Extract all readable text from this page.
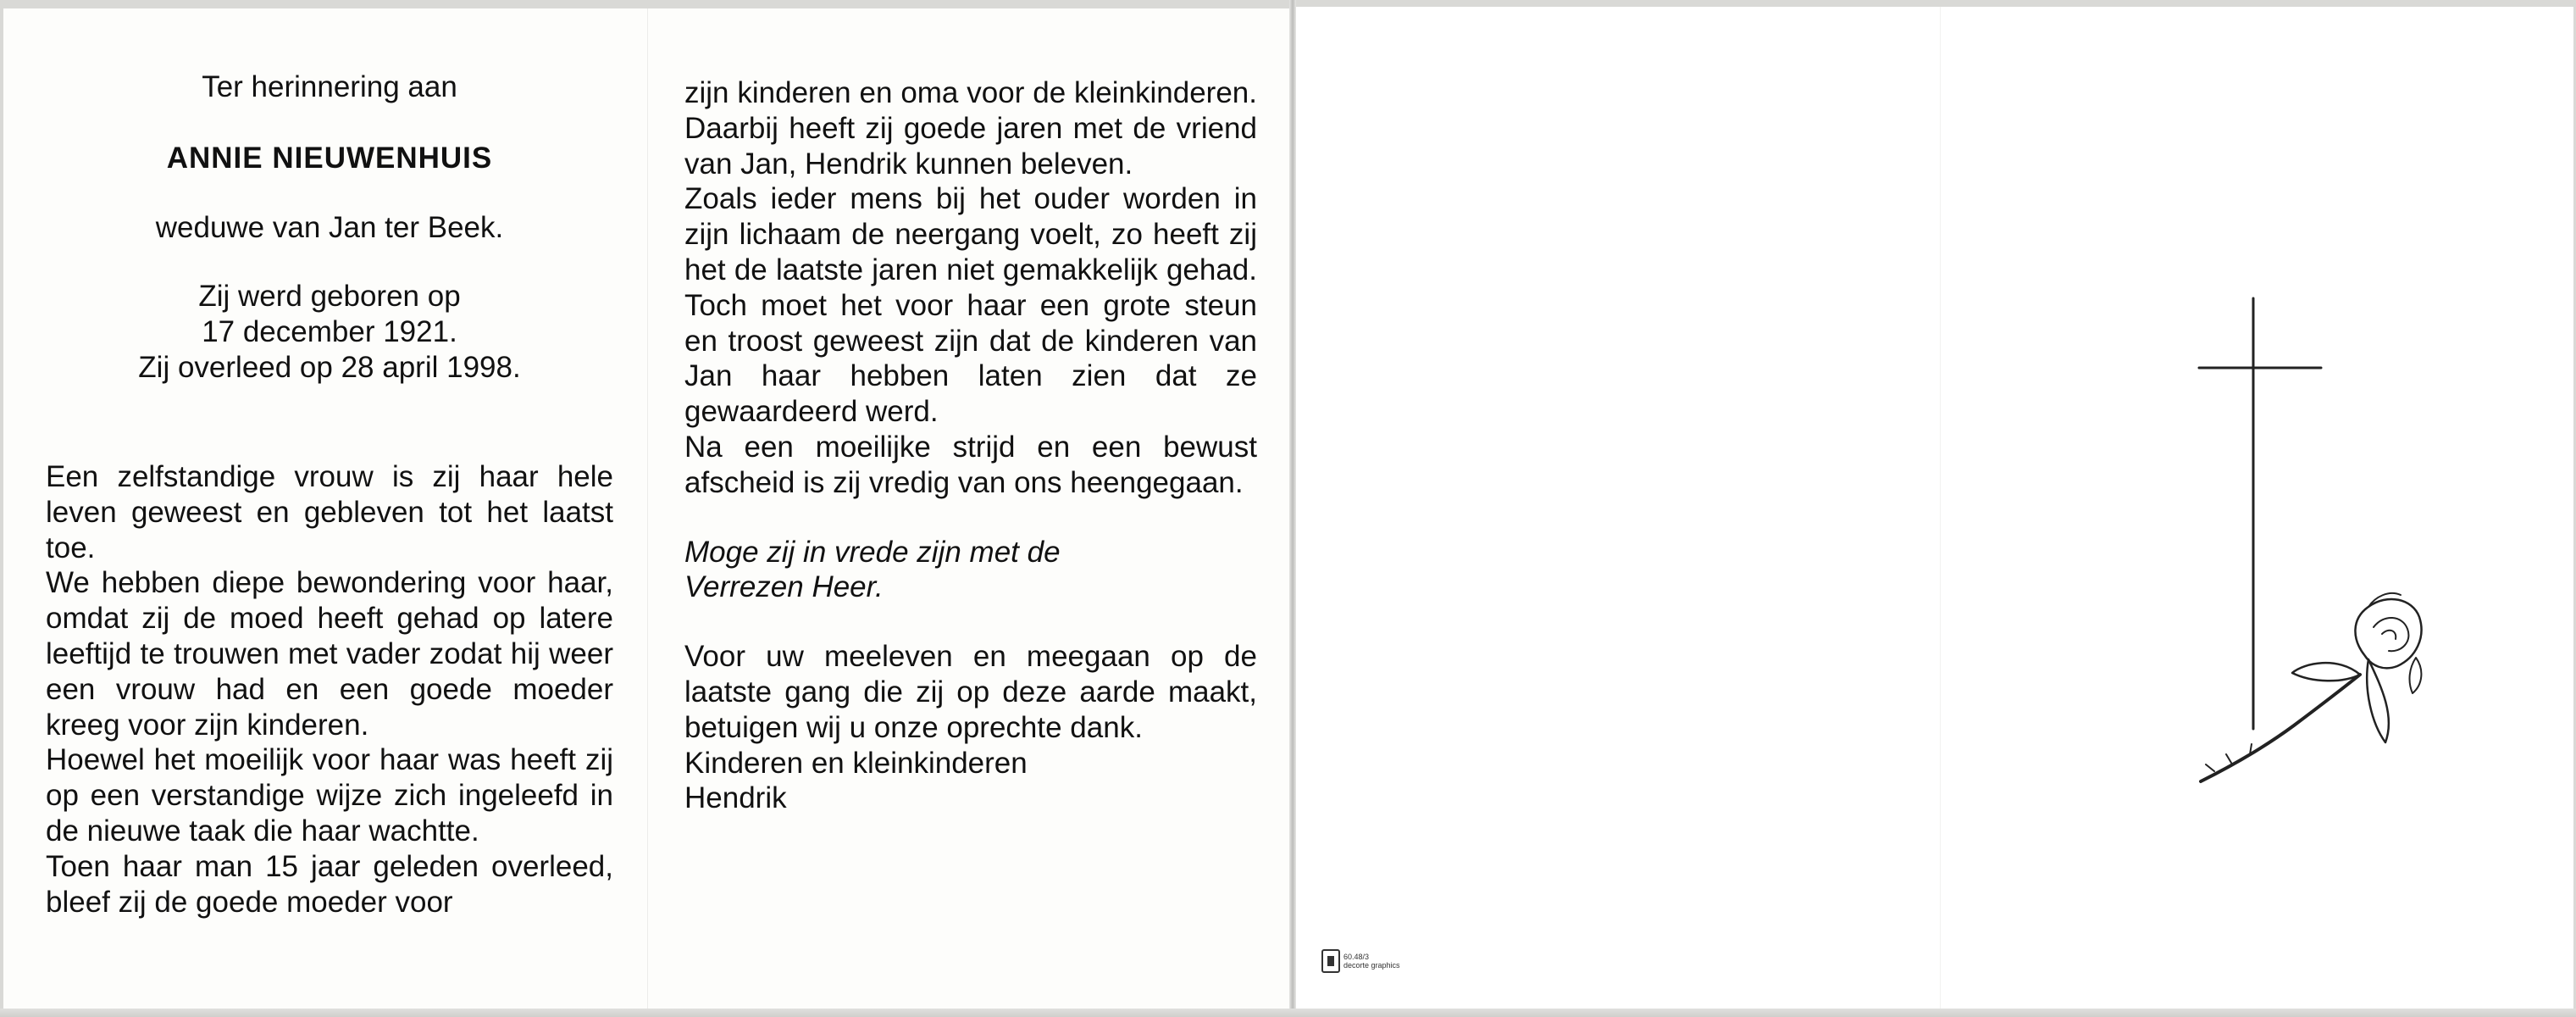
Ter herinnering aan

ANNIE NIEUWENHUIS

weduwe van Jan ter Beek.

Zij werd geboren op

17 december 1921.

Zij overleed op 28 april 1998.

Een zelfstandige vrouw is zij haar hele leven geweest en gebleven tot het laatst toe.

We hebben diepe bewondering voor haar, omdat zij de moed heeft gehad op latere leeftijd te trouwen met vader zodat hij weer een vrouw had en een goede moeder kreeg voor zijn kinderen.

Hoewel het moeilijk voor haar was heeft zij op een verstandige wijze zich ingeleefd in de nieuwe taak die haar wachtte.

Toen haar man 15 jaar geleden overleed, bleef zij de goede moeder voor

zijn kinderen en oma voor de kleinkinderen. Daarbij heeft zij goede jaren met de vriend van Jan, Hendrik kunnen beleven.

Zoals ieder mens bij het ouder worden in zijn lichaam de neergang voelt, zo heeft zij het de laatste jaren niet gemakkelijk gehad. Toch moet het voor haar een grote steun en troost geweest zijn dat de kinderen van Jan haar hebben laten zien dat ze gewaardeerd werd.

Na een moeilijke strijd en een bewust afscheid is zij vredig van ons heengegaan.

Moge zij in vrede zijn met de

Verrezen Heer.

Voor uw meeleven en meegaan op de laatste gang die zij op deze aarde maakt, betuigen wij u onze oprechte dank.

Kinderen en kleinkinderen

Hendrik

60.48/3
decorte graphics
